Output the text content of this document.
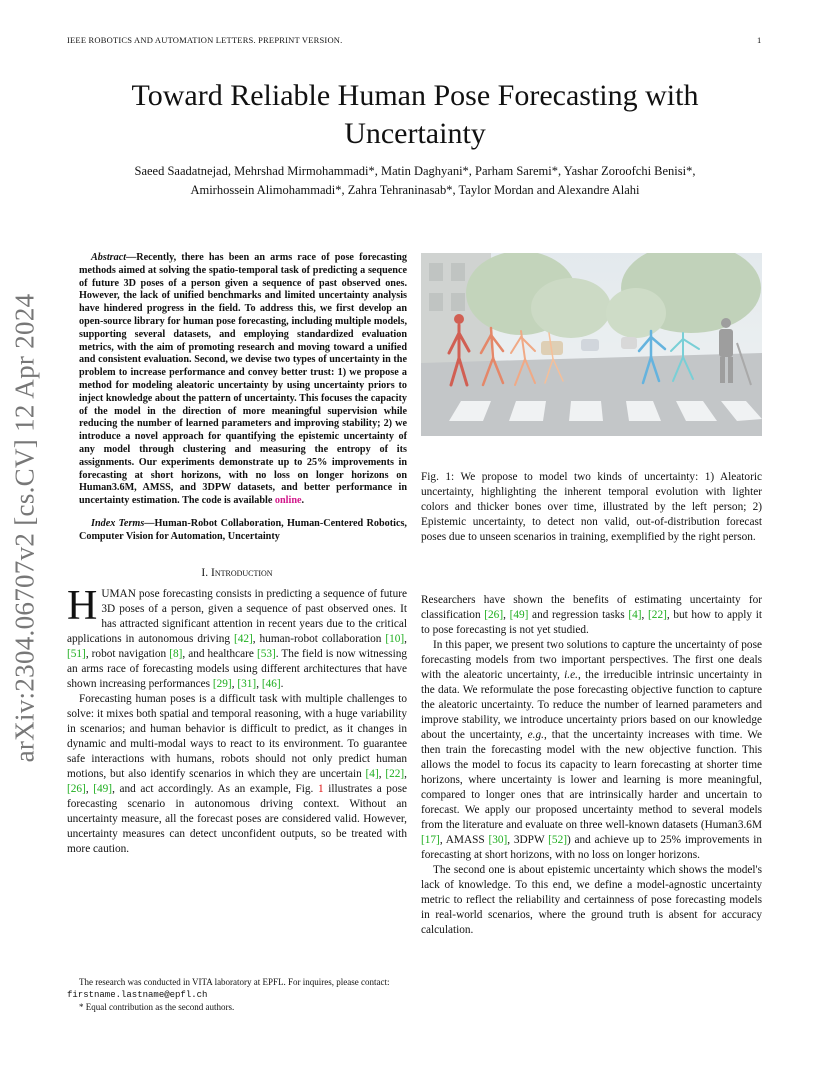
IEEE ROBOTICS AND AUTOMATION LETTERS. PREPRINT VERSION.	1
Toward Reliable Human Pose Forecasting with Uncertainty
Saeed Saadatnejad, Mehrshad Mirmohammadi*, Matin Daghyani*, Parham Saremi*, Yashar Zoroofchi Benisi*,
Amirhossein Alimohammadi*, Zahra Tehraninasab*, Taylor Mordan and Alexandre Alahi
arXiv:2304.06707v2 [cs.CV] 12 Apr 2024

Abstract—Recently, there has been an arms race of pose forecasting methods aimed at solving the spatio-temporal task of predicting a sequence of future 3D poses of a person given a sequence of past observed ones. However, the lack of unified benchmarks and limited uncertainty analysis have hindered progress in the field. To address this, we first develop an open-source library for human pose forecasting, including multiple models, supporting several datasets, and employing standardized evaluation metrics, with the aim of promoting research and moving toward a unified and consistent evaluation. Second, we devise two types of uncertainty in the problem to increase performance and convey better trust: 1) we propose a method for modeling aleatoric uncertainty by using uncertainty priors to inject knowledge about the pattern of uncertainty. This focuses the capacity of the model in the direction of more meaningful supervision while reducing the number of learned parameters and improving stability; 2) we introduce a novel approach for quantifying the epistemic uncertainty of any model through clustering and measuring the entropy of its assignments. Our experiments demonstrate up to 25% improvements in forecasting at short horizons, with no loss on longer horizons on Human3.6M, AMSS, and 3DPW datasets, and better performance in uncertainty estimation. The code is available online.

Index Terms—Human-Robot Collaboration, Human-Centered Robotics, Computer Vision for Automation, Uncertainty

I. Introduction

HUMAN pose forecasting consists in predicting a sequence of future 3D poses of a person, given a sequence of past observed ones. It has attracted significant attention in recent years due to the critical applications in autonomous driving [42], human-robot collaboration [10], [51], robot navigation [8], and healthcare [53]. The field is now witnessing an arms race of forecasting models using different architectures that have shown increasing performances [29], [31], [46].

Forecasting human poses is a difficult task with multiple challenges to solve: it mixes both spatial and temporal reasoning, with a huge variability in scenarios; and human behavior is difficult to predict, as it changes in dynamic and multi-modal ways to react to its environment. To guarantee safe interactions with humans, robots should not only predict human motions, but also identify scenarios in which they are uncertain [4], [22], [26], [49], and act accordingly. As an example, Fig. 1 illustrates a pose forecasting scenario in autonomous driving context. Without an uncertainty measure, all the forecast poses are considered valid. However, uncertainty measures can detect unconfident outputs, so be treated with more caution.

The research was conducted in VITA laboratory at EPFL. For inquires, please contact: firstname.lastname@epfl.ch
* Equal contribution as the second authors.
Fig. 1: We propose to model two kinds of uncertainty: 1) Aleatoric uncertainty, highlighting the inherent temporal evolution with lighter colors and thicker bones over time, illustrated by the left person; 2) Epistemic uncertainty, to detect non valid, out-of-distribution forecast poses due to unseen scenarios in training, exemplified by the right person.

Researchers have shown the benefits of estimating uncertainty for classification [26], [49] and regression tasks [4], [22], but how to apply it to pose forecasting is not yet studied.

In this paper, we present two solutions to capture the uncertainty of pose forecasting models from two important perspectives. The first one deals with the aleatoric uncertainty, i.e., the irreducible intrinsic uncertainty in the data. We reformulate the pose forecasting objective function to capture the aleatoric uncertainty. To reduce the number of learned parameters and improve stability, we introduce uncertainty priors based on our knowledge about the uncertainty, e.g., that the uncertainty increases with time. We then train the forecasting model with the new objective function. This allows the model to focus its capacity to learn forecasting at shorter time horizons, where uncertainty is lower and learning is more meaningful, compared to longer ones that are intrinsically harder and uncertain to forecast. We apply our proposed uncertainty method to several models from the literature and evaluate on three well-known datasets (Human3.6M [17], AMASS [30], 3DPW [52]) and achieve up to 25% improvements in forecasting at short horizons, with no loss on longer horizons.

The second one is about epistemic uncertainty which shows the model's lack of knowledge. To this end, we define a model-agnostic uncertainty metric to reflect the reliability and certainness of pose forecasting models in real-world scenarios, where the ground truth is absent for accuracy calculation.
